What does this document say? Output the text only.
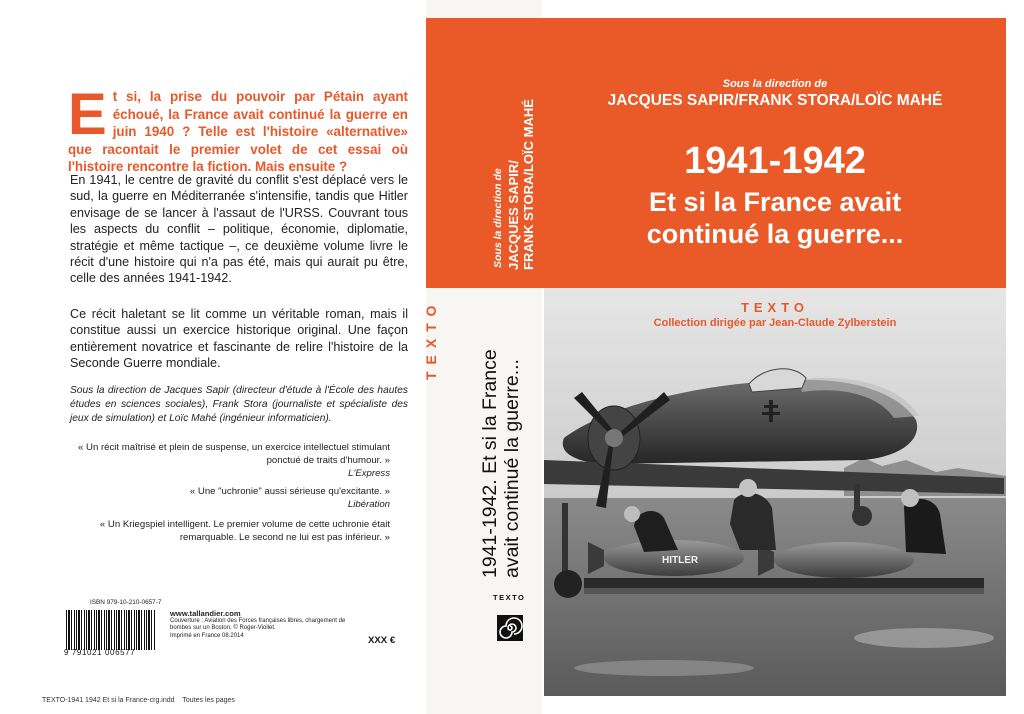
Et si, la prise du pouvoir par Pétain ayant échoué, la France avait continué la guerre en juin 1940 ? Telle est l'histoire «alternative» que racontait le premier volet de cet essai où l'histoire rencontre la fiction. Mais ensuite ?
En 1941, le centre de gravité du conflit s'est déplacé vers le sud, la guerre en Méditerranée s'intensifie, tandis que Hitler envisage de se lancer à l'assaut de l'URSS. Couvrant tous les aspects du conflit – politique, économie, diplomatie, stratégie et même tactique –, ce deuxième volume livre le récit d'une histoire qui n'a pas été, mais qui aurait pu être, celle des années 1941-1942.
Ce récit haletant se lit comme un véritable roman, mais il constitue aussi un exercice historique original. Une façon entièrement novatrice et fascinante de relire l'histoire de la Seconde Guerre mondiale.
Sous la direction de Jacques Sapir (directeur d'étude à l'École des hautes études en sciences sociales), Frank Stora (journaliste et spécialiste des jeux de simulation) et Loïc Mahé (ingénieur informaticien).
« Un récit maîtrisé et plein de suspense, un exercice intellectuel stimulant ponctué de traits d'humour. »
L'Express
« Une "uchronie" aussi sérieuse qu'excitante. »
Libération
« Un Kriegspiel intelligent. Le premier volume de cette uchronie était remarquable. Le second ne lui est pas inférieur. »
ISBN 979-10-210-0657-7
9 791021 006577
www.tallandier.com
Couverture : Aviation des Forces françaises libres, chargement de bombes sur un Boston. © Roger-Viollet.
Imprimé en France 08.2014	XXX €
Sous la direction de JACQUES SAPIR/ FRANK STORA/LOÏC MAHÉ
TEXTO
1941-1942. Et si la France avait continué la guerre...
TEXTO
Sous la direction de
JACQUES SAPIR/FRANK STORA/LOÏC MAHÉ
1941-1942
Et si la France avait
continué la guerre...
HITLER
TEXTO
Collection dirigée par Jean-Claude Zylberstein
TEXTO-1941 1942 Et si la France-crg.indd Toutes les pages
